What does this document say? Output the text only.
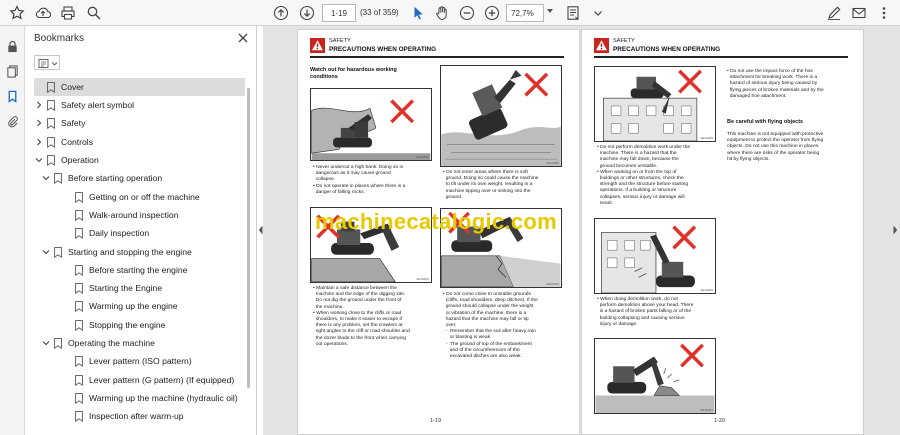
1-19	(33 of 359)	72,7%
Bookmarks
Cover
Safety alert symbol
Safety
Controls
Operation
Before starting operation
Getting on or off the machine
Walk-around inspection
Daily inspection
Starting and stopping the engine
Before starting the engine
Starting the Engine
Warming up the engine
Stopping the engine
Operating the machine
Lever pattern (ISO pattern)
Lever pattern (G pattern) (If equipped)
Warming up the machine (hydraulic oil)
Inspection after warm-up
SAFETY
PRECAUTIONS WHEN OPERATING
Watch out for hazardous working
conditions
AE1S001
• Never undercut a high bank. Doing so is
dangerous as it may cause ground
collapse.
• Do not operate in places where there is a
danger of falling rocks.
AE1S003
• Maintain a safe distance between the
machine and the edge of the digging site.
Do not dig the ground under the front of
the machine.
• When working close to the cliffs or road
shoulders, to make it easier to escape if
there is any problem, set the crawlers at
right angles to the cliff or road shoulder and
the dozer blade to the front when carrying
out operations.
AE1S002
• Do not enter areas where there is soft
ground. Doing so could cause the machine
to tilt under its own weight, resulting in a
machine tipping over or sinking into the
ground.
AE1S004
• Do not come close to unstable grounds
(cliffs, road shoulders, deep ditches). If the
ground should collapse under the weight
or vibration of the machine, there is a
hazard that the machine may fall or tip
over.
-  Remember that the soil after heavy rain
or blasting is weak.
-  The ground of top of the embankment
and of the circumferences of the
excavated ditches are also weak.
1-19
SAFETY
PRECAUTIONS WHEN OPERATING
AE1S005
• Do not perform demolition work under the
machine. There is a hazard that the
machine may fall down, because the
ground becomes unstable.
• When working on or from the top of
buildings or other structures, check the
strength and the structure before starting
operations. If a building or structure
collapses, serious injury or damage will
result.
AE1S006
• When doing demolition work, do not
perform demolition above your head. There
is a hazard of broken parts falling or of the
building collapsing and causing serious
injury or damage.
AE1S007
• Do not use the impact force of the hoe
attachment for breaking work. There is a
hazard of serious injury being caused by
flying pieces of broken materials and by the
damaged hoe attachment.
Be careful with flying objects
This machine is not equipped with protective
equipment to protect the operator from flying
objects. Do not use this machine in places
where there are risks of the operator being
hit by flying objects.
1-20
machinecatalogic.com
